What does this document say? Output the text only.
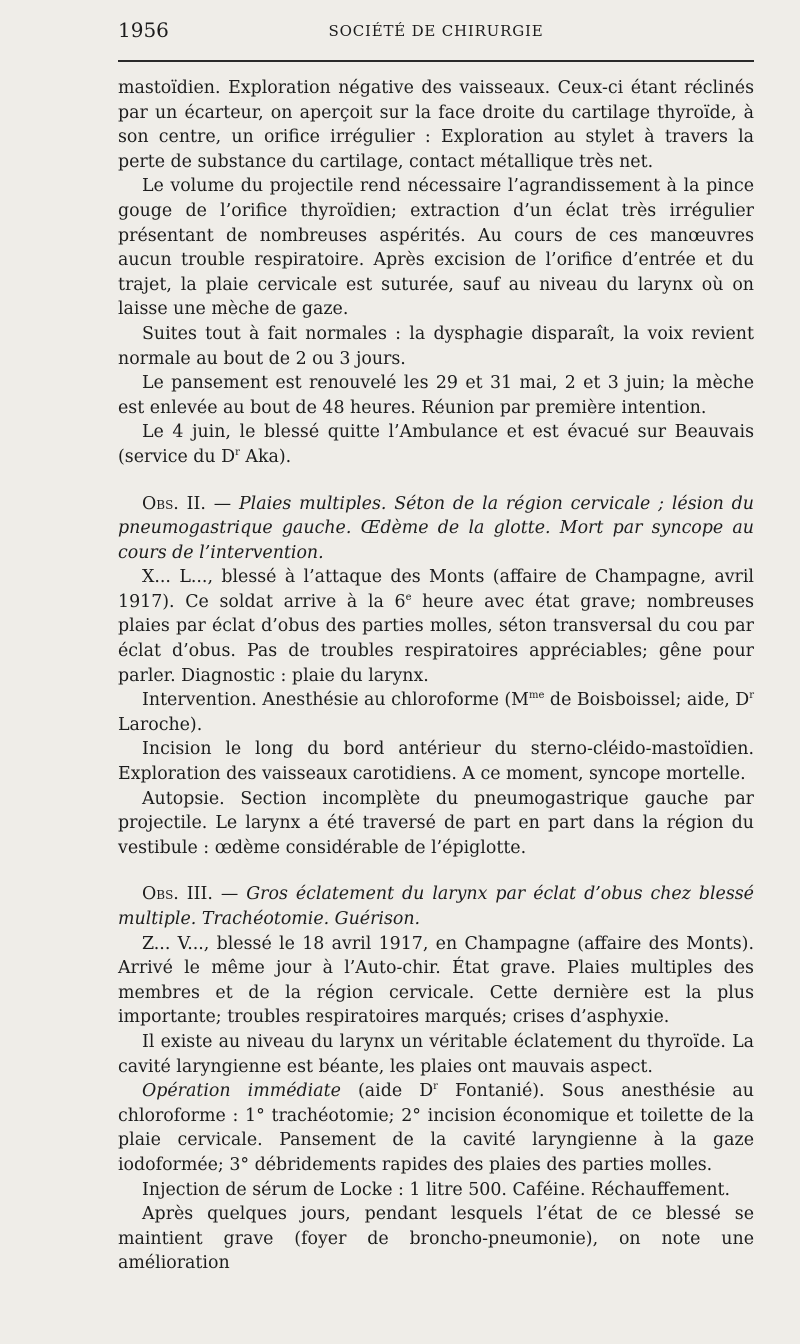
1956	SOCIÉTÉ DE CHIRURGIE

mastoïdien. Exploration négative des vaisseaux. Ceux-ci étant réclinés par un écarteur, on aperçoit sur la face droite du cartilage thyroïde, à son centre, un orifice irrégulier : Exploration au stylet à travers la perte de substance du cartilage, contact métallique très net.

Le volume du projectile rend nécessaire l’agrandissement à la pince gouge de l’orifice thyroïdien; extraction d’un éclat très irrégulier présentant de nombreuses aspérités. Au cours de ces manœuvres aucun trouble respiratoire. Après excision de l’orifice d’entrée et du trajet, la plaie cervicale est suturée, sauf au niveau du larynx où on laisse une mèche de gaze.

Suites tout à fait normales : la dysphagie disparaît, la voix revient normale au bout de 2 ou 3 jours.

Le pansement est renouvelé les 29 et 31 mai, 2 et 3 juin; la mèche est enlevée au bout de 48 heures. Réunion par première intention.

Le 4 juin, le blessé quitte l’Ambulance et est évacué sur Beauvais (service du $D^r$ Aka).

Obs. II. — Plaies multiples. Séton de la région cervicale ; lésion du pneumogastrique gauche. Œdème de la glotte. Mort par syncope au cours de l’intervention.

X... L..., blessé à l’attaque des Monts (affaire de Champagne, avril 1917). Ce soldat arrive à la 6e heure avec état grave; nombreuses plaies par éclat d’obus des parties molles, séton transversal du cou par éclat d’obus. Pas de troubles respiratoires appréciables; gêne pour parler. Diagnostic : plaie du larynx.

Intervention. Anesthésie au chloroforme ($M^{me}$ de Boisboissel; aide, $D^r$ Laroche).

Incision le long du bord antérieur du sterno-cléido-mastoïdien. Exploration des vaisseaux carotidiens. A ce moment, syncope mortelle.

Autopsie. Section incomplète du pneumogastrique gauche par projectile. Le larynx a été traversé de part en part dans la région du vestibule : œdème considérable de l’épiglotte.

Obs. III. — Gros éclatement du larynx par éclat d’obus chez blessé multiple. Trachéotomie. Guérison.

Z... V..., blessé le 18 avril 1917, en Champagne (affaire des Monts). Arrivé le même jour à l’Auto-chir. État grave. Plaies multiples des membres et de la région cervicale. Cette dernière est la plus importante; troubles respiratoires marqués; crises d’asphyxie.

Il existe au niveau du larynx un véritable éclatement du thyroïde. La cavité laryngienne est béante, les plaies ont mauvais aspect.

Opération immédiate (aide $D^r$ Fontanié). Sous anesthésie au chloroforme : 1° trachéotomie; 2° incision économique et toilette de la plaie cervicale. Pansement de la cavité laryngienne à la gaze iodoformée; 3° débridements rapides des plaies des parties molles.

Injection de sérum de Locke : 1 litre 500. Caféine. Réchauffement.

Après quelques jours, pendant lesquels l’état de ce blessé se maintient grave (foyer de broncho-pneumonie), on note une amélioration
